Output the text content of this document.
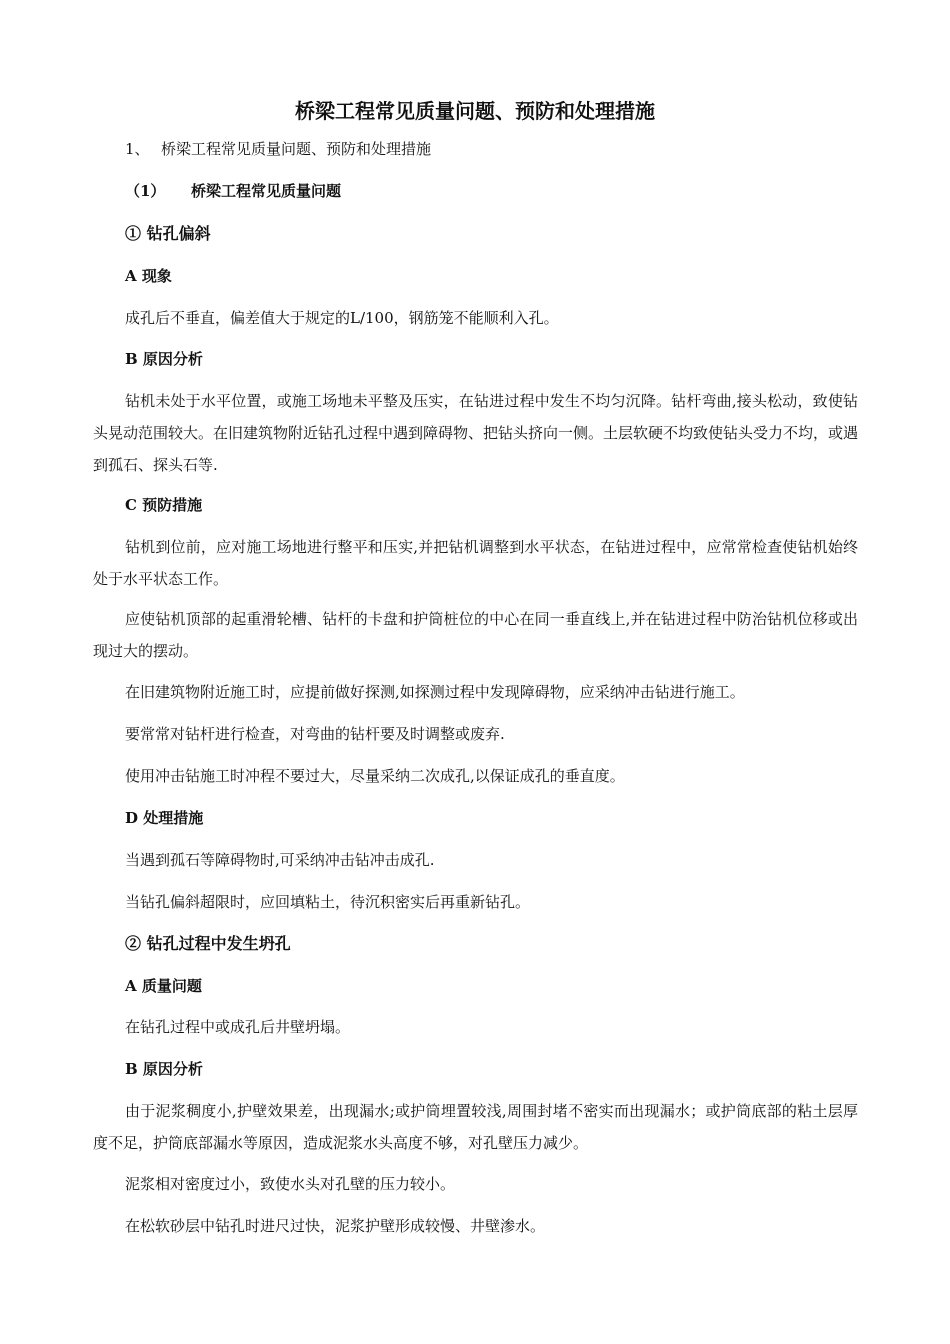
桥梁工程常见质量问题、预防和处理措施
1、 桥梁工程常见质量问题、预防和处理措施
（1） 桥梁工程常见质量问题
① 钻孔偏斜
A 现象
成孔后不垂直，偏差值大于规定的L/100，钢筋笼不能顺利入孔。
B 原因分析
钻机未处于水平位置，或施工场地未平整及压实，在钻进过程中发生不均匀沉降。钻杆弯曲,接头松动，致使钻头晃动范围较大。在旧建筑物附近钻孔过程中遇到障碍物、把钻头挤向一侧。土层软硬不均致使钻头受力不均，或遇到孤石、探头石等.
C 预防措施
钻机到位前，应对施工场地进行整平和压实,并把钻机调整到水平状态，在钻进过程中，应常常检查使钻机始终处于水平状态工作。
应使钻机顶部的起重滑轮槽、钻杆的卡盘和护筒桩位的中心在同一垂直线上,并在钻进过程中防治钻机位移或出现过大的摆动。
在旧建筑物附近施工时，应提前做好探测,如探测过程中发现障碍物，应采纳冲击钻进行施工。
要常常对钻杆进行检查，对弯曲的钻杆要及时调整或废弃.
使用冲击钻施工时冲程不要过大，尽量采纳二次成孔,以保证成孔的垂直度。
D 处理措施
当遇到孤石等障碍物时,可采纳冲击钻冲击成孔.
当钻孔偏斜超限时，应回填粘土，待沉积密实后再重新钻孔。
② 钻孔过程中发生坍孔
A 质量问题
在钻孔过程中或成孔后井壁坍塌。
B 原因分析
由于泥浆稠度小,护壁效果差，出现漏水;或护筒埋置较浅,周围封堵不密实而出现漏水；或护筒底部的粘土层厚度不足，护筒底部漏水等原因，造成泥浆水头高度不够，对孔壁压力减少。
泥浆相对密度过小，致使水头对孔壁的压力较小。
在松软砂层中钻孔时进尺过快，泥浆护壁形成较慢、井壁渗水。
